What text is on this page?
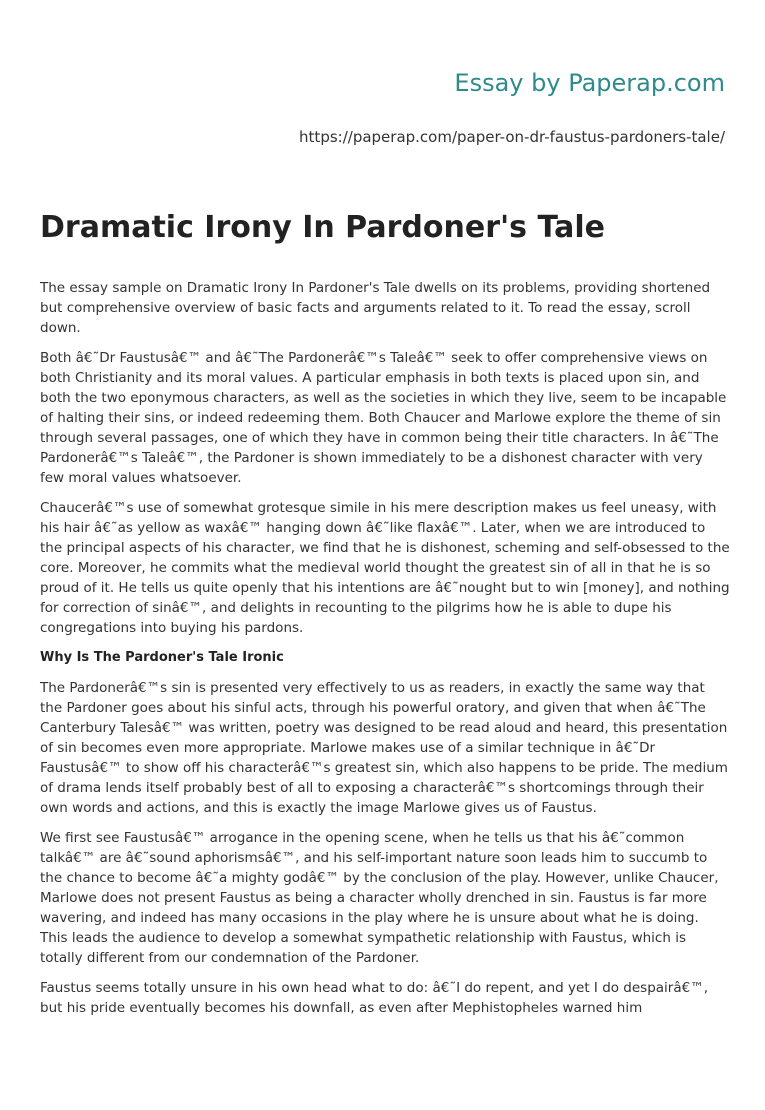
Essay by Paperap.com

https://paperap.com/paper-on-dr-faustus-pardoners-tale/
Dramatic Irony In Pardoner's Tale

The essay sample on Dramatic Irony In Pardoner's Tale dwells on its problems, providing shortened but comprehensive overview of basic facts and arguments related to it. To read the essay, scroll down.

Both â€˜Dr Faustusâ€™ and â€˜The Pardonerâ€™s Taleâ€™ seek to offer comprehensive views on both Christianity and its moral values. A particular emphasis in both texts is placed upon sin, and both the two eponymous characters, as well as the societies in which they live, seem to be incapable of halting their sins, or indeed redeeming them. Both Chaucer and Marlowe explore the theme of sin through several passages, one of which they have in common being their title characters. In â€˜The Pardonerâ€™s Taleâ€™, the Pardoner is shown immediately to be a dishonest character with very few moral values whatsoever.

Chaucerâ€™s use of somewhat grotesque simile in his mere description makes us feel uneasy, with his hair â€˜as yellow as waxâ€™ hanging down â€˜like flaxâ€™. Later, when we are introduced to the principal aspects of his character, we find that he is dishonest, scheming and self-obsessed to the core. Moreover, he commits what the medieval world thought the greatest sin of all in that he is so proud of it. He tells us quite openly that his intentions are â€˜nought but to win [money], and nothing for correction of sinâ€™, and delights in recounting to the pilgrims how he is able to dupe his congregations into buying his pardons.

Why Is The Pardoner's Tale Ironic

The Pardonerâ€™s sin is presented very effectively to us as readers, in exactly the same way that the Pardoner goes about his sinful acts, through his powerful oratory, and given that when â€˜The Canterbury Talesâ€™ was written, poetry was designed to be read aloud and heard, this presentation of sin becomes even more appropriate. Marlowe makes use of a similar technique in â€˜Dr Faustusâ€™ to show off his characterâ€™s greatest sin, which also happens to be pride. The medium of drama lends itself probably best of all to exposing a characterâ€™s shortcomings through their own words and actions, and this is exactly the image Marlowe gives us of Faustus.

We first see Faustusâ€™ arrogance in the opening scene, when he tells us that his â€˜common talkâ€™ are â€˜sound aphorismsâ€™, and his self-important nature soon leads him to succumb to the chance to become â€˜a mighty godâ€™ by the conclusion of the play. However, unlike Chaucer, Marlowe does not present Faustus as being a character wholly drenched in sin. Faustus is far more wavering, and indeed has many occasions in the play where he is unsure about what he is doing. This leads the audience to develop a somewhat sympathetic relationship with Faustus, which is totally different from our condemnation of the Pardoner.

Faustus seems totally unsure in his own head what to do: â€˜I do repent, and yet I do despairâ€™, but his pride eventually becomes his downfall, as even after Mephistopheles warned him
